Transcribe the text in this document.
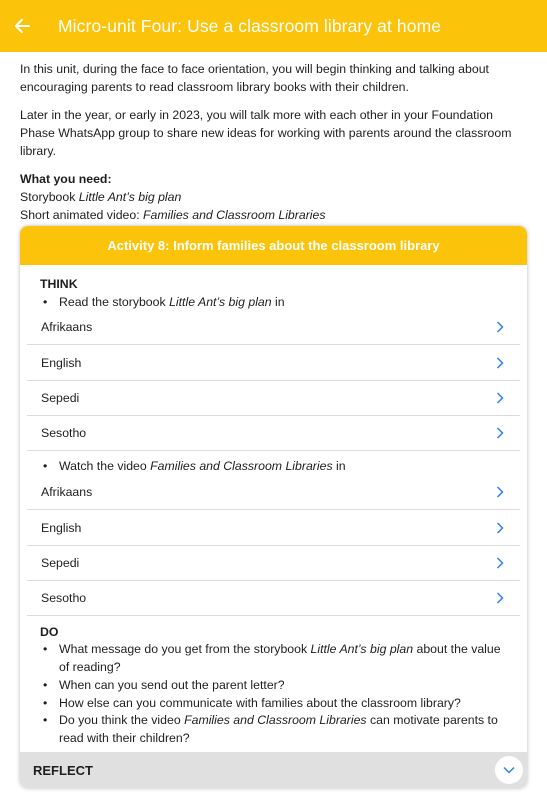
Micro-unit Four: Use a classroom library at home

In this unit, during the face to face orientation, you will begin thinking and talking about encouraging parents to read classroom library books with their children.

Later in the year, or early in 2023, you will talk more with each other in your Foundation Phase WhatsApp group to share new ideas for working with parents around the classroom library.

What you need:
Storybook Little Ant’s big plan
Short animated video: Families and Classroom Libraries
Activity 8: Inform families about the classroom library
THINK
• Read the storybook Little Ant’s big plan in
Afrikaans
English
Sepedi
Sesotho
• Watch the video Families and Classroom Libraries in
Afrikaans
English
Sepedi
Sesotho
DO
• What message do you get from the storybook Little Ant’s big plan about the value of reading?
• When can you send out the parent letter?
• How else can you communicate with families about the classroom library?
• Do you think the video Families and Classroom Libraries can motivate parents to read with their children?
REFLECT
